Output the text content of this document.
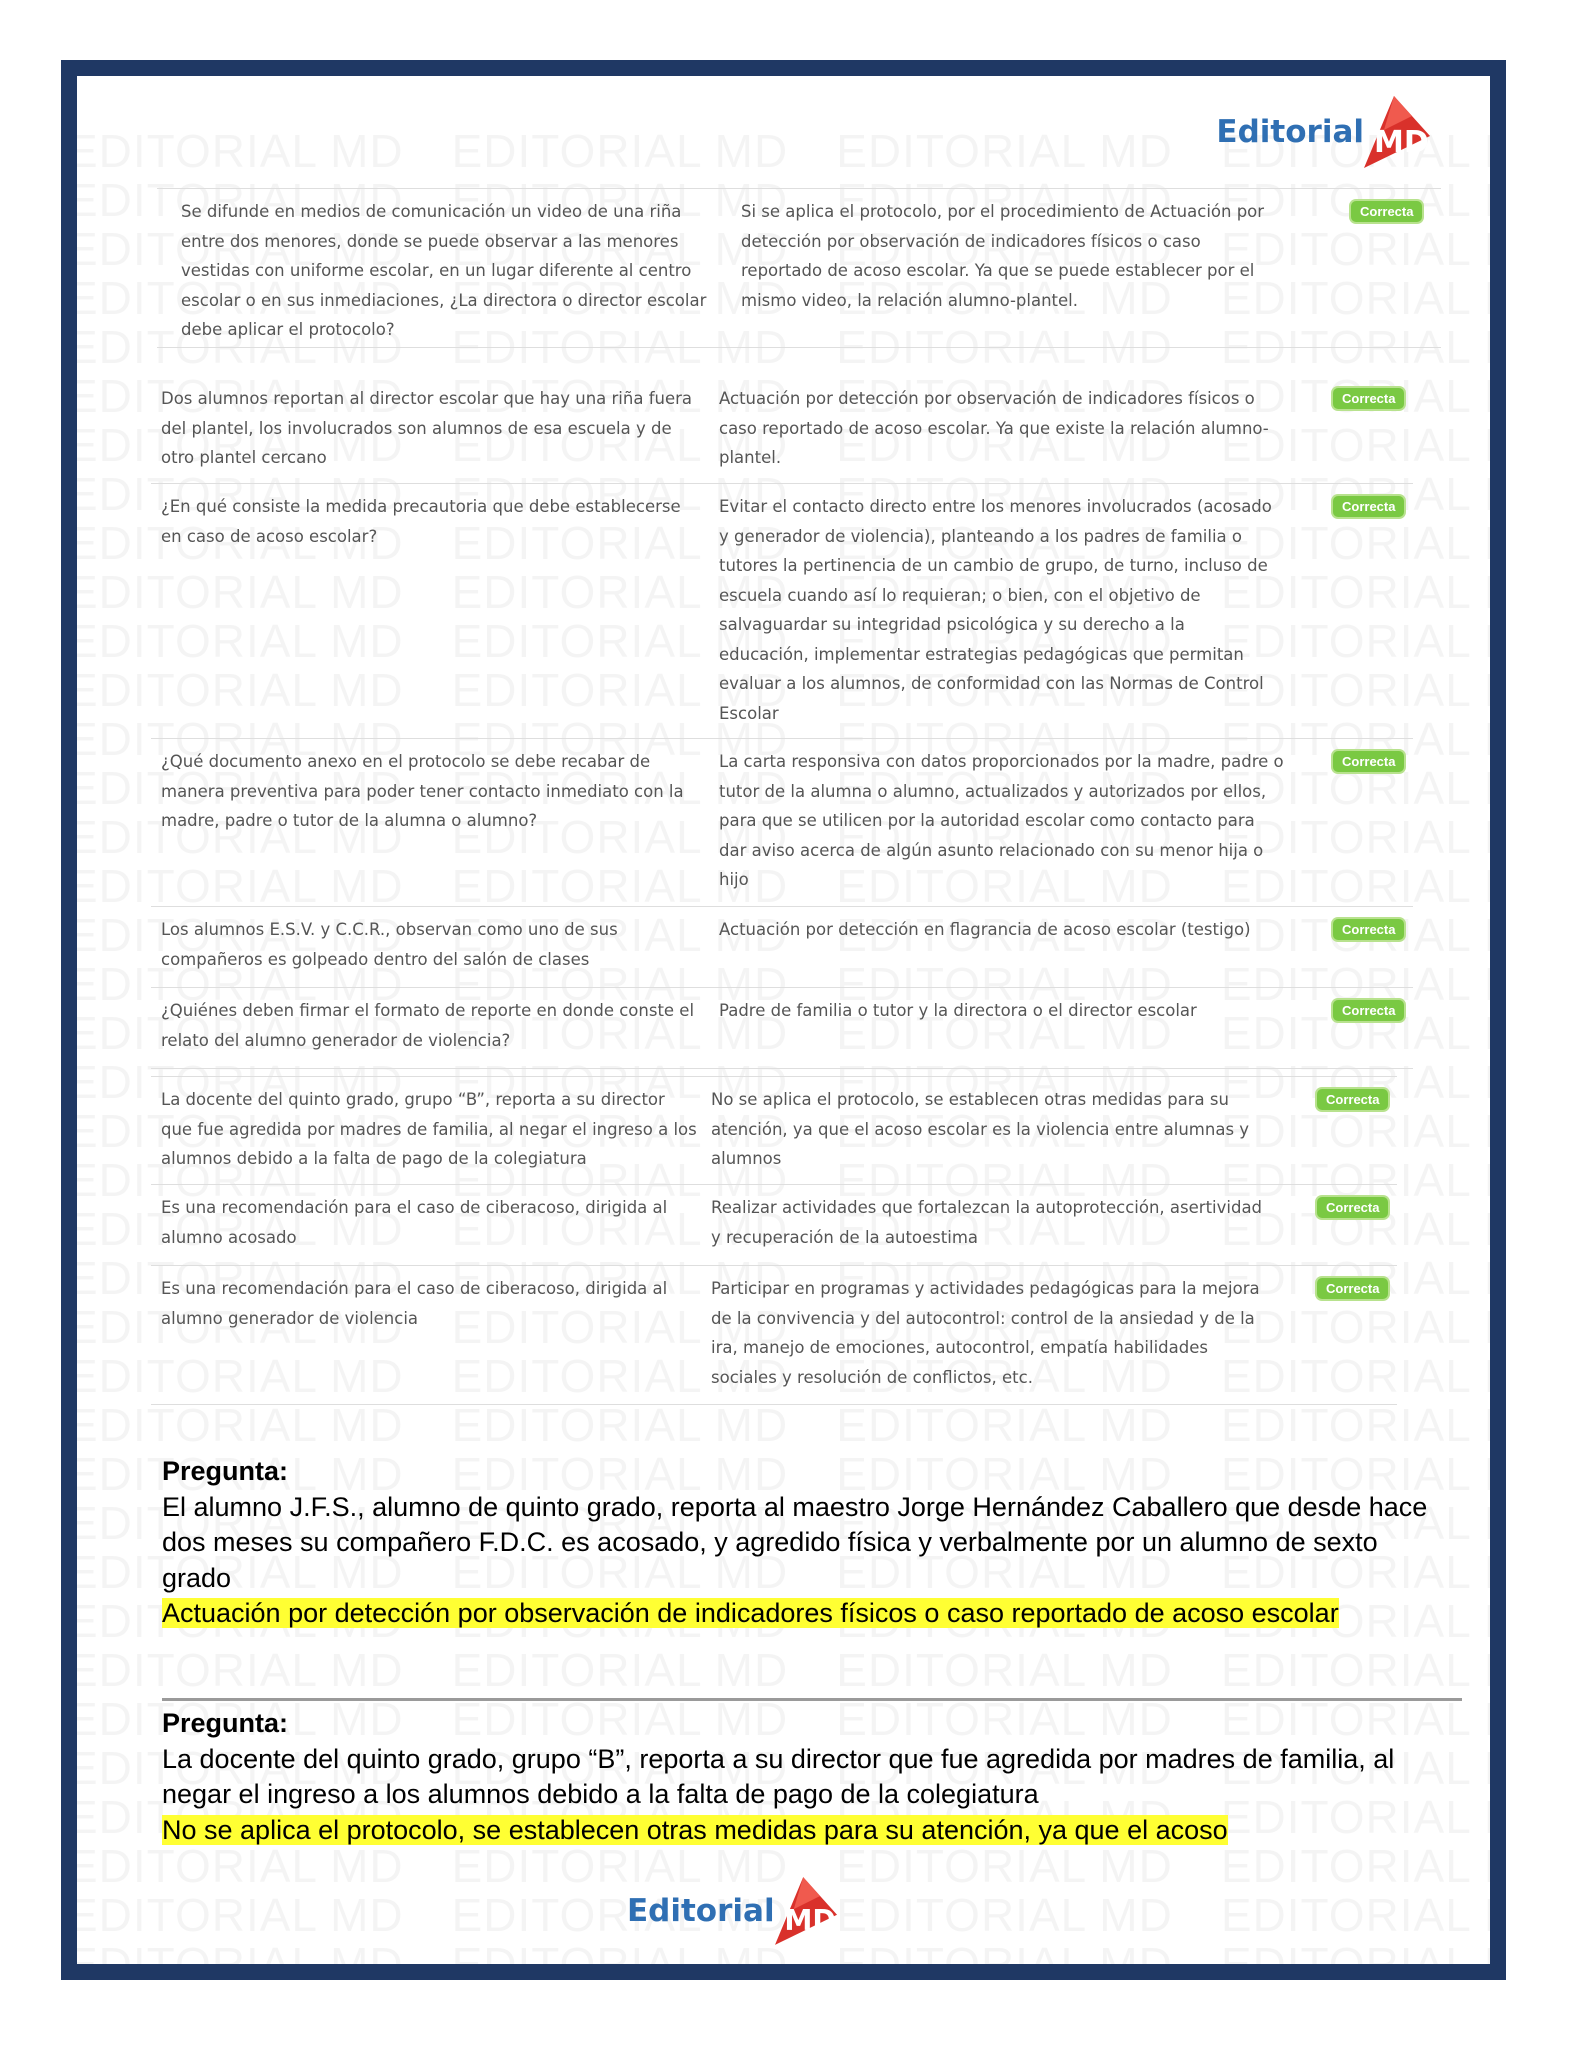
Editorial MD
Se difunde en medios de comunicación un video de una riña entre dos menores, donde se puede observar a las menores vestidas con uniforme escolar, en un lugar diferente al centro escolar o en sus inmediaciones, ¿La directora o director escolar debe aplicar el protocolo?
Si se aplica el protocolo, por el procedimiento de Actuación por detección por observación de indicadores físicos o caso reportado de acoso escolar. Ya que se puede establecer por el mismo video, la relación alumno-plantel.
Correcta
Dos alumnos reportan al director escolar que hay una riña fuera del plantel, los involucrados son alumnos de esa escuela y de otro plantel cercano
Actuación por detección por observación de indicadores físicos o caso reportado de acoso escolar. Ya que existe la relación alumno-plantel.
Correcta
¿En qué consiste la medida precautoria que debe establecerse en caso de acoso escolar?
Evitar el contacto directo entre los menores involucrados (acosado y generador de violencia), planteando a los padres de familia o tutores la pertinencia de un cambio de grupo, de turno, incluso de escuela cuando así lo requieran; o bien, con el objetivo de salvaguardar su integridad psicológica y su derecho a la educación, implementar estrategias pedagógicas que permitan evaluar a los alumnos, de conformidad con las Normas de Control Escolar
Correcta
¿Qué documento anexo en el protocolo se debe recabar de manera preventiva para poder tener contacto inmediato con la madre, padre o tutor de la alumna o alumno?
La carta responsiva con datos proporcionados por la madre, padre o tutor de la alumna o alumno, actualizados y autorizados por ellos, para que se utilicen por la autoridad escolar como contacto para dar aviso acerca de algún asunto relacionado con su menor hija o hijo
Correcta
Los alumnos E.S.V. y C.C.R., observan como uno de sus compañeros es golpeado dentro del salón de clases
Actuación por detección en flagrancia de acoso escolar (testigo)	Correcta
¿Quiénes deben firmar el formato de reporte en donde conste el relato del alumno generador de violencia?
Padre de familia o tutor y la directora o el director escolar	Correcta
La docente del quinto grado, grupo “B”, reporta a su director que fue agredida por madres de familia, al negar el ingreso a los alumnos debido a la falta de pago de la colegiatura
No se aplica el protocolo, se establecen otras medidas para su atención, ya que el acoso escolar es la violencia entre alumnas y alumnos
Correcta
Es una recomendación para el caso de ciberacoso, dirigida al alumno acosado
Realizar actividades que fortalezcan la autoprotección, asertividad y recuperación de la autoestima
Correcta
Es una recomendación para el caso de ciberacoso, dirigida al alumno generador de violencia
Participar en programas y actividades pedagógicas para la mejora de la convivencia y del autocontrol: control de la ansiedad y de la ira, manejo de emociones, autocontrol, empatía habilidades sociales y resolución de conflictos, etc.
Correcta
Pregunta:
El alumno J.F.S., alumno de quinto grado, reporta al maestro Jorge Hernández Caballero que desde hace dos meses su compañero F.D.C. es acosado, y agredido física y verbalmente por un alumno de sexto grado
Actuación por detección por observación de indicadores físicos o caso reportado de acoso escolar
Pregunta:
La docente del quinto grado, grupo “B”, reporta a su director que fue agredida por madres de familia, al negar el ingreso a los alumnos debido a la falta de pago de la colegiatura
No se aplica el protocolo, se establecen otras medidas para su atención, ya que el acoso
Editorial MD
